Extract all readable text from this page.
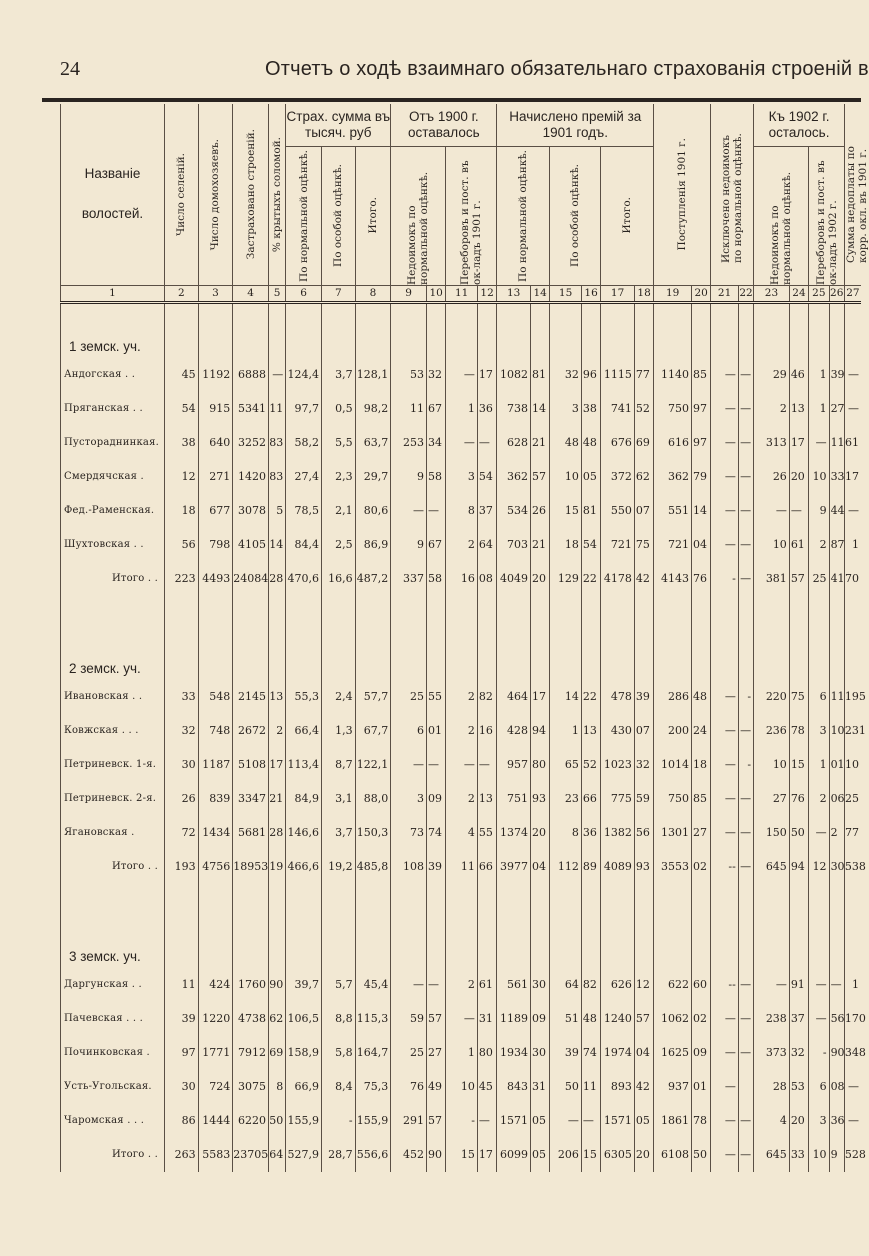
24	Отчетъ о ходѣ взаимнаго обязательнаго страхованія строеній в
Названіе

волостей.	Число селеній.	Число домохозяевъ.	Застраховано строеній.	% крытыхъ соломой.	Страх. сумма въ тысяч. руб			Отъ 1900 г. оставалось				Начислено премій за 1901 годъ.						Поступленія 1901 г.		Исключено недоимокъ по нормальной оцѣнкѣ.		Къ 1902 г. осталось.				Сумма недоплаты по корр. окл. въ 1901 г.

					По нормальной оцѣнкѣ.	По особой оцѣнкѣ.	Итого.	Недоимокъ по нормальной оцѣнкѣ.		Переборовъ и пост. въ ок-ладъ 1901 г.		По нормальной оцѣнкѣ.		По особой оцѣнкѣ.		Итого.						Недоимокъ по нормальной оцѣнкѣ.		Переборовъ и пост. въ ок-ладъ 1902 г.		

1	2	3	4	5	6	7	8	9	10	11	12	13	14	15	16	17	18	19	20	21	22	23	24	25	26	27
1 земск. уч.																										
Андогская . .	45	1192	6888	—	124,4	3,7	128,1	53	32	—	17	1082	81	32	96	1115	77	1140	85	—	—	29	46	1	39	—
Пряганская . .	54	915	5341	11	97,7	0,5	98,2	11	67	1	36	738	14	3	38	741	52	750	97	—	—	2	13	1	27	—
Пустораднинкая.	38	640	3252	83	58,2	5,5	63,7	253	34	—	—	628	21	48	48	676	69	616	97	—	—	313	17	—	11	61
Смердячская .	12	271	1420	83	27,4	2,3	29,7	9	58	3	54	362	57	10	05	372	62	362	79	—	—	26	20	10	33	17
Фед.-Раменская.	18	677	3078	5	78,5	2,1	80,6	—	—	8	37	534	26	15	81	550	07	551	14	—	—	—	—	9	44	—
Шухтовская . .	56	798	4105	14	84,4	2,5	86,9	9	67	2	64	703	21	18	54	721	75	721	04	—	—	10	61	2	87	1
Итого . .	223	4493	24084	28	470,6	16,6	487,2	337	58	16	08	4049	20	129	22	4178	42	4143	76	-	—	381	57	25	41	70

2 земск. уч.																										
Ивановская . .	33	548	2145	13	55,3	2,4	57,7	25	55	2	82	464	17	14	22	478	39	286	48	—	-	220	75	6	11	195
Ковжская . . .	32	748	2672	2	66,4	1,3	67,7	6	01	2	16	428	94	1	13	430	07	200	24	—	—	236	78	3	10	231
Петриневск. 1-я.	30	1187	5108	17	113,4	8,7	122,1	—	—	—	—	957	80	65	52	1023	32	1014	18	—	-	10	15	1	01	10
Петриневск. 2-я.	26	839	3347	21	84,9	3,1	88,0	3	09	2	13	751	93	23	66	775	59	750	85	—	—	27	76	2	06	25
Ягановская .	72	1434	5681	28	146,6	3,7	150,3	73	74	4	55	1374	20	8	36	1382	56	1301	27	—	—	150	50	—	2	77
Итого . .	193	4756	18953	19	466,6	19,2	485,8	108	39	11	66	3977	04	112	89	4089	93	3553	02	--	—	645	94	12	30	538

3 земск. уч.																										
Даргунская . .	11	424	1760	90	39,7	5,7	45,4	—	—	2	61	561	30	64	82	626	12	622	60	--	—	—	91	—	—	1
Пачевская . . .	39	1220	4738	62	106,5	8,8	115,3	59	57	—	31	1189	09	51	48	1240	57	1062	02	—	—	238	37	—	56	170
Починковская .	97	1771	7912	69	158,9	5,8	164,7	25	27	1	80	1934	30	39	74	1974	04	1625	09	—	—	373	32	-	90	348
Усть-Угольская.	30	724	3075	8	66,9	8,4	75,3	76	49	10	45	843	31	50	11	893	42	937	01	—		28	53	6	08	—
Чаромская . . .	86	1444	6220	50	155,9	-	155,9	291	57	-	—	1571	05	—	—	1571	05	1861	78	—	—	4	20	3	36	—
Итого . .	263	5583	23705	64	527,9	28,7	556,6	452	90	15	17	6099	05	206	15	6305	20	6108	50	—	—	645	33	10	9	528
